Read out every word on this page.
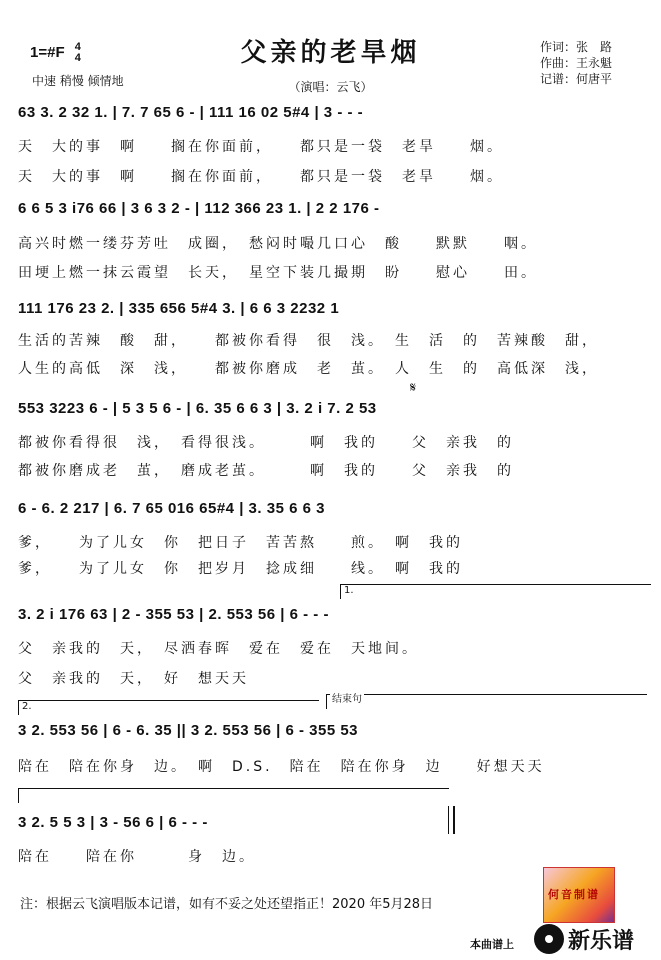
1=#F 4
4	父亲的老旱烟
中速 稍慢 倾情地	（演唱：云飞）
作词：张　路
作曲：王永魁
记谱：何唐平
63 3. 2 32 1. | 7. 7 65 6 - | 111 16 02 5#4 | 3 - - -
天　大的事　啊　　搁在你面前，　　都只是一袋　老旱　　烟。
天　大的事　啊　　搁在你面前，　　都只是一袋　老旱　　烟。
6 6 5 3 i76 66 | 3 6 3 2 - | 112 366 23 1. | 2 2 176 -
高兴时燃一缕芬芳吐　成圈，　愁闷时嘬几口心　酸　　默默　　咽。
田埂上燃一抹云霞望　长天，　星空下装几撮期　盼　　慰心　　田。
111 176 23 2. | 335 656 5#4 3. | 6 6 3 2232 1
生活的苦辣　酸　甜，　　都被你看得　很　浅。　生　活　的　苦辣酸　甜，
人生的高低　深　浅，　　都被你磨成　老　茧。　人　生　的　高低深　浅，
𝄋
553 3223 6 - | 5 3 5 6 - | 6. 35 6 6 3 | 3. 2 i 7. 2 53
都被你看得很　浅，　看得很浅。　　　啊　我的　　父　亲我　的
都被你磨成老　茧，　磨成老茧。　　　啊　我的　　父　亲我　的
6 - 6. 2 217 | 6. 7 65 016 65#4 | 3. 35 6 6 3
爹，　　为了儿女　你　把日子　苦苦熬　　煎。　啊　我的
爹，　　为了儿女　你　把岁月　捻成细　　线。　啊　我的
1.
3. 2 i 176 63 | 2 - 355 53 | 2. 553 56 | 6 - - -
父　亲我的　天，　尽洒春晖　爱在　爱在　天地间。
父　亲我的　天，　好　想天天
2.
结束句
3 2. 553 56 | 6 - 6. 35 || 3 2. 553 56 | 6 - 355 53
陪在　陪在你身　边。　啊　D.S.　陪在　陪在你身　边　　好想天天
3 2. 5 5 3 | 3 - 56 6 | 6 - - -
陪在　　陪在你　　　身　边。
注：根据云飞演唱版本记谱，如有不妥之处还望指正！2020 年5月28日
何音制谱
本曲谱上 新乐谱
